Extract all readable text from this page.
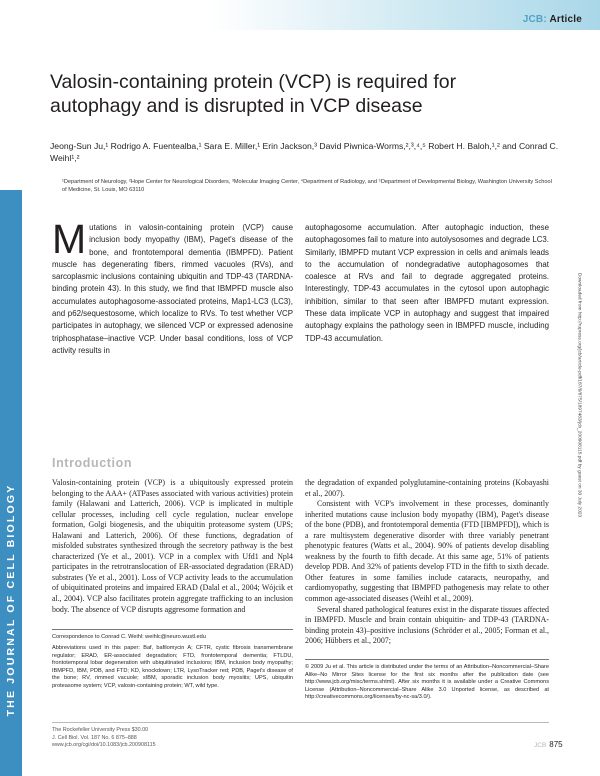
JCB: Article
THE JOURNAL OF CELL BIOLOGY
Downloaded from http://rupress.org/jcb/article-pdf/187/6/875/1897483/jcb_200908115.pdf by guest on 30 July 2023
Valosin-containing protein (VCP) is required for autophagy and is disrupted in VCP disease
Jeong-Sun Ju,¹ Rodrigo A. Fuentealba,¹ Sara E. Miller,¹ Erin Jackson,³ David Piwnica-Worms,²,³,⁴,⁵ Robert H. Baloh,¹,² and Conrad C. Weihl¹,²
¹Department of Neurology, ²Hope Center for Neurological Disorders, ³Molecular Imaging Center, ⁴Department of Radiology, and ⁵Department of Developmental Biology, Washington University School of Medicine, St. Louis, MO 63110
Mutations in valosin-containing protein (VCP) cause inclusion body myopathy (IBM), Paget's disease of the bone, and frontotemporal dementia (IBMPFD). Patient muscle has degenerating fibers, rimmed vacuoles (RVs), and sarcoplasmic inclusions containing ubiquitin and TDP-43 (TARDNA-binding protein 43). In this study, we find that IBMPFD muscle also accumulates autophagosome-associated proteins, Map1-LC3 (LC3), and p62/sequestosome, which localize to RVs. To test whether VCP participates in autophagy, we silenced VCP or expressed adenosine triphosphatase–inactive VCP. Under basal conditions, loss of VCP activity results in
autophagosome accumulation. After autophagic induction, these autophagosomes fail to mature into autolysosomes and degrade LC3. Similarly, IBMPFD mutant VCP expression in cells and animals leads to the accumulation of nondegradative autophagosomes that coalesce at RVs and fail to degrade aggregated proteins. Interestingly, TDP-43 accumulates in the cytosol upon autophagic inhibition, similar to that seen after IBMPFD mutant expression. These data implicate VCP in autophagy and suggest that impaired autophagy explains the pathology seen in IBMPFD muscle, including TDP-43 accumulation.
Introduction

Valosin-containing protein (VCP) is a ubiquitously expressed protein belonging to the AAA+ (ATPases associated with various activities) protein family (Halawani and Latterich, 2006). VCP is implicated in multiple cellular processes, including cell cycle regulation, nuclear envelope formation, Golgi biogenesis, and the ubiquitin proteasome system (UPS; Halawani and Latterich, 2006). Of these functions, degradation of misfolded substrates synthesized through the secretory pathway is the best characterized (Ye et al., 2001). VCP in a complex with Ufd1 and Npl4 participates in the retrotranslocation of ER-associated degradation (ERAD) substrates (Ye et al., 2001). Loss of VCP activity leads to the accumulation of ubiquitinated proteins and impaired ERAD (Dalal et al., 2004; Wójcik et al., 2004). VCP also facilitates protein aggregate trafficking to an inclusion body. The absence of VCP disrupts aggresome formation and

the degradation of expanded polyglutamine-containing proteins (Kobayashi et al., 2007).

Consistent with VCP's involvement in these processes, dominantly inherited mutations cause inclusion body myopathy (IBM), Paget's disease of the bone (PDB), and frontotemporal dementia (FTD [IBMPFD]), which is a rare multisystem degenerative disorder with three variably penetrant phenotypic features (Watts et al., 2004). 90% of patients develop disabling weakness by the fourth to fifth decade. At this same age, 51% of patients develop PDB. And 32% of patients develop FTD in the fifth to sixth decade. Other features in some families include cataracts, neuropathy, and cardiomyopathy, suggesting that IBMPFD pathogenesis may relate to other common age-associated diseases (Weihl et al., 2009).

Several shared pathological features exist in the disparate tissues affected in IBMPFD. Muscle and brain contain ubiquitin- and TDP-43 (TARDNA-binding protein 43)–positive inclusions (Schröder et al., 2005; Forman et al., 2006; Hübbers et al., 2007;

Correspondence to Conrad C. Weihl: weihlc@neuro.wustl.edu
Abbreviations used in this paper: Baf, bafilomycin A; CFTR, cystic fibrosis transmembrane regulator; ERAD, ER-associated degradation; FTD, frontotemporal dementia; FTLDU, frontotemporal lobar degeneration with ubiquitinated inclusions; IBM, inclusion body myopathy; IBMPFD, IBM, PDB, and FTD; KD, knockdown; LTR, LysoTracker red; PDB, Paget's disease of the bone; RV, rimmed vacuole; sIBM, sporadic inclusion body myositis; UPS, ubiquitin proteasome system; VCP, valosin-containing protein; WT, wild type.
© 2009 Ju et al. This article is distributed under the terms of an Attribution–Noncommercial–Share Alike–No Mirror Sites license for the first six months after the publication date (see http://www.jcb.org/misc/terms.shtml). After six months it is available under a Creative Commons License (Attribution–Noncommercial–Share Alike 3.0 Unported license, as described at http://creativecommons.org/licenses/by-nc-sa/3.0/).
The Rockefeller University Press $30.00
J. Cell Biol. Vol. 187 No. 6 875–888
www.jcb.org/cgi/doi/10.1083/jcb.200908115	JCB 875
